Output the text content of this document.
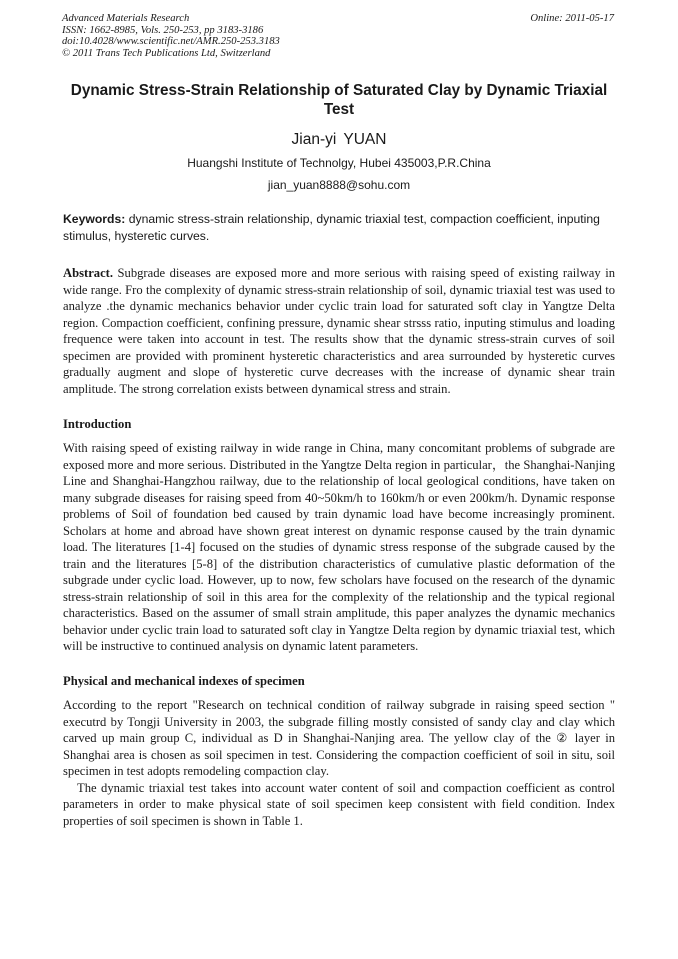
Advanced Materials Research
ISSN: 1662-8985, Vols. 250-253, pp 3183-3186
doi:10.4028/www.scientific.net/AMR.250-253.3183
© 2011 Trans Tech Publications Ltd, Switzerland
Online: 2011-05-17
Dynamic Stress-Strain Relationship of Saturated Clay by Dynamic Triaxial Test
Jian-yi YUAN
Huangshi Institute of Technolgy, Hubei 435003,P.R.China
jian_yuan8888@sohu.com
Keywords: dynamic stress-strain relationship, dynamic triaxial test, compaction coefficient, inputing stimulus, hysteretic curves.
Abstract. Subgrade diseases are exposed more and more serious with raising speed of existing railway in wide range. Fro the complexity of dynamic stress-strain relationship of soil, dynamic triaxial test was used to analyze .the dynamic mechanics behavior under cyclic train load for saturated soft clay in Yangtze Delta region. Compaction coefficient, confining pressure, dynamic shear strsss ratio, inputing stimulus and loading frequence were taken into account in test. The results show that the dynamic stress-strain curves of soil specimen are provided with prominent hysteretic characteristics and area surrounded by hysteretic curves gradually augment and slope of hysteretic curve decreases with the increase of dynamic shear train amplitude. The strong correlation exists between dynamical stress and strain.
Introduction

With raising speed of existing railway in wide range in China, many concomitant problems of subgrade are exposed more and more serious. Distributed in the Yangtze Delta region in particular，the Shanghai-Nanjing Line and Shanghai-Hangzhou railway, due to the relationship of local geological conditions, have taken on many subgrade diseases for raising speed from 40~50km/h to 160km/h or even 200km/h. Dynamic response problems of Soil of foundation bed caused by train dynamic load have become increasingly prominent. Scholars at home and abroad have shown great interest on dynamic response caused by the train dynamic load. The literatures [1-4] focused on the studies of dynamic stress response of the subgrade caused by the train and the literatures [5-8] of the distribution characteristics of cumulative plastic deformation of the subgrade under cyclic load. However, up to now, few scholars have focused on the research of the dynamic stress-strain relationship of soil in this area for the complexity of the relationship and the typical regional characteristics. Based on the assumer of small strain amplitude, this paper analyzes the dynamic mechanics behavior under cyclic train load to saturated soft clay in Yangtze Delta region by dynamic triaxial test, which will be instructive to continued analysis on dynamic latent parameters.

Physical and mechanical indexes of specimen

According to the report "Research on technical condition of railway subgrade in raising speed section " executrd by Tongji University in 2003, the subgrade filling mostly consisted of sandy clay and clay which carved up main group C, individual as D in Shanghai-Nanjing area. The yellow clay of the ② layer in Shanghai area is chosen as soil specimen in test. Considering the compaction coefficient of soil in situ, soil specimen in test adopts remodeling compaction clay.

The dynamic triaxial test takes into account water content of soil and compaction coefficient as control parameters in order to make physical state of soil specimen keep consistent with field condition. Index properties of soil specimen is shown in Table 1.
